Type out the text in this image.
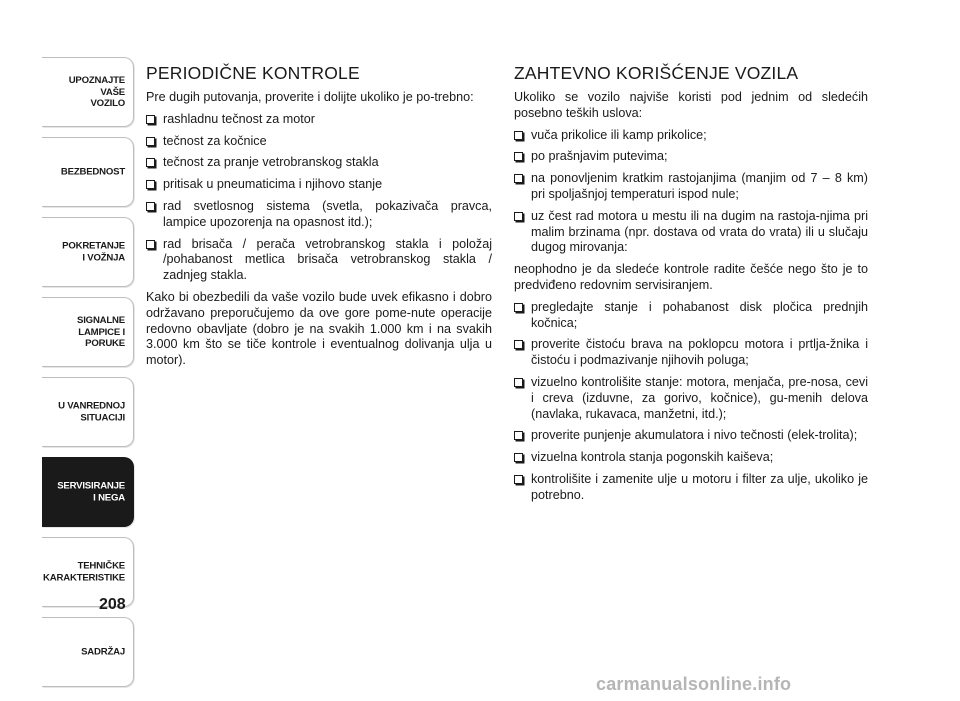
UPOZNAJTE
VAŠE
VOZILO
BEZBEDNOST
POKRETANJE
I VOŽNJA
SIGNALNE
LAMPICE I PORUKE
U VANREDNOJ
SITUACIJI
SERVISIRANJE
I NEGA
TEHNIČKE
KARAKTERISTIKE
SADRŽAJ
208
PERIODIČNE KONTROLE

Pre dugih putovanja, proverite i dolijte ukoliko je po-trebno:

rashladnu tečnost za motor
tečnost za kočnice
tečnost za pranje vetrobranskog stakla
pritisak u pneumaticima i njihovo stanje
rad svetlosnog sistema (svetla, pokazivača pravca, lampice upozorenja na opasnost itd.);
rad brisača / perača vetrobranskog stakla i položaj /pohabanost metlica brisača vetrobranskog stakla / zadnjeg stakla.

Kako bi obezbedili da vaše vozilo bude uvek efikasno i dobro održavano preporučujemo da ove gore pome-nute operacije redovno obavljate (dobro je na svakih 1.000 km i na svakih 3.000 km što se tiče kontrole i eventualnog dolivanja ulja u motor).

ZAHTEVNO KORIŠĆENJE VOZILA

Ukoliko se vozilo najviše koristi pod jednim od sledećih posebno teških uslova:

vuča prikolice ili kamp prikolice;
po prašnjavim putevima;
na ponovljenim kratkim rastojanjima (manjim od 7 – 8 km) pri spoljašnjoj temperaturi ispod nule;
uz čest rad motora u mestu ili na dugim na rastoja-njima pri malim brzinama (npr. dostava od vrata do vrata) ili u slučaju dugog mirovanja:

neophodno je da sledeće kontrole radite češće nego što je to predviđeno redovnim servisiranjem.

pregledajte stanje i pohabanost disk pločica prednjih kočnica;
proverite čistoću brava na poklopcu motora i prtlja-žnika i čistoću i podmazivanje njihovih poluga;
vizuelno kontrolišite stanje: motora, menjača, pre-nosa, cevi i creva (izduvne, za gorivo, kočnice), gu-menih delova (navlaka, rukavaca, manžetni, itd.);
proverite punjenje akumulatora i nivo tečnosti (elek-trolita);
vizuelna kontrola stanja pogonskih kaiševa;
kontrolišite i zamenite ulje u motoru i filter za ulje, ukoliko je potrebno.
carmanualsonline.info
